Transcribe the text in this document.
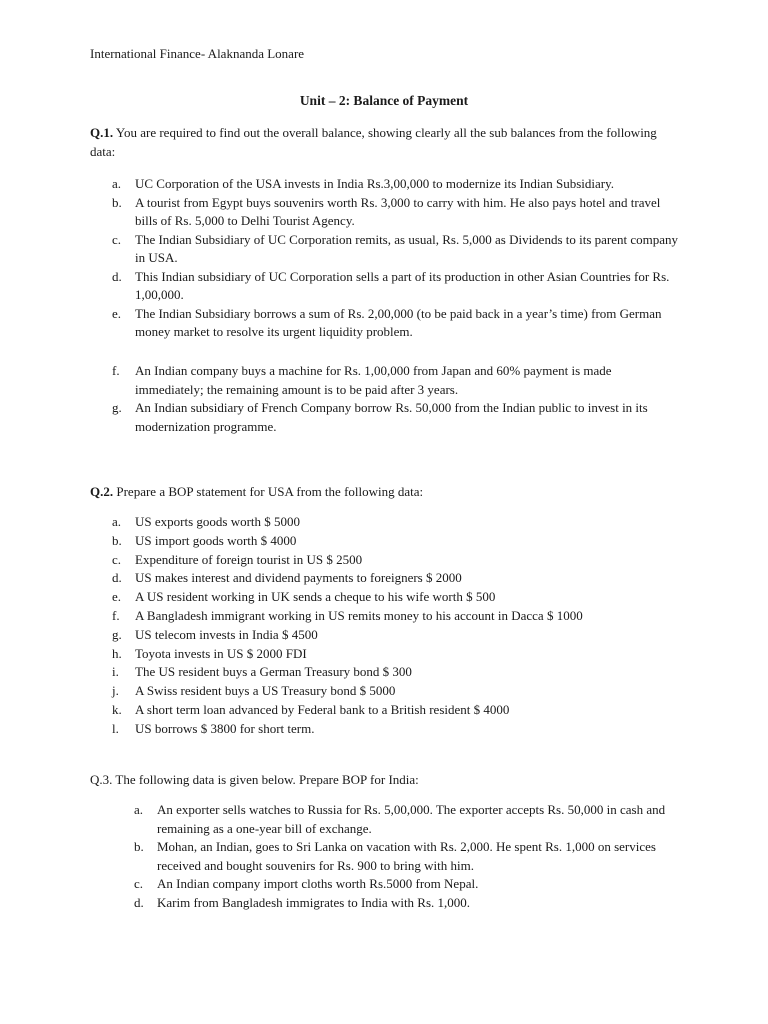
International Finance- Alaknanda Lonare
Unit – 2: Balance of Payment
Q.1. You are required to find out the overall balance, showing clearly all the sub balances from the following data:
a. UC Corporation of the USA invests in India Rs.3,00,000 to modernize its Indian Subsidiary.
b. A tourist from Egypt buys souvenirs worth Rs. 3,000 to carry with him. He also pays hotel and travel bills of Rs. 5,000 to Delhi Tourist Agency.
c. The Indian Subsidiary of UC Corporation remits, as usual, Rs. 5,000 as Dividends to its parent company in USA.
d. This Indian subsidiary of UC Corporation sells a part of its production in other Asian Countries for Rs. 1,00,000.
e. The Indian Subsidiary borrows a sum of Rs. 2,00,000 (to be paid back in a year’s time) from German money market to resolve its urgent liquidity problem.
f. An Indian company buys a machine for Rs. 1,00,000 from Japan and 60% payment is made immediately; the remaining amount is to be paid after 3 years.
g. An Indian subsidiary of French Company borrow Rs. 50,000 from the Indian public to invest in its modernization programme.
Q.2. Prepare a BOP statement for USA from the following data:
a. US exports goods worth $ 5000
b. US import goods worth $ 4000
c. Expenditure of foreign tourist in US $ 2500
d. US makes interest and dividend payments to foreigners $ 2000
e. A US resident working in UK sends a cheque to his wife worth $ 500
f. A Bangladesh immigrant working in US remits money to his account in Dacca $ 1000
g. US telecom invests in India $ 4500
h. Toyota invests in US $ 2000 FDI
i. The US resident buys a German Treasury bond $ 300
j. A Swiss resident buys a US Treasury bond $ 5000
k. A short term loan advanced by Federal bank to a British resident $ 4000
l. US borrows $ 3800 for short term.
Q.3. The following data is given below. Prepare BOP for India:
a. An exporter sells watches to Russia for Rs. 5,00,000. The exporter accepts Rs. 50,000 in cash and remaining as a one-year bill of exchange.
b. Mohan, an Indian, goes to Sri Lanka on vacation with Rs. 2,000. He spent Rs. 1,000 on services received and bought souvenirs for Rs. 900 to bring with him.
c. An Indian company import cloths worth Rs.5000 from Nepal.
d. Karim from Bangladesh immigrates to India with Rs. 1,000.
